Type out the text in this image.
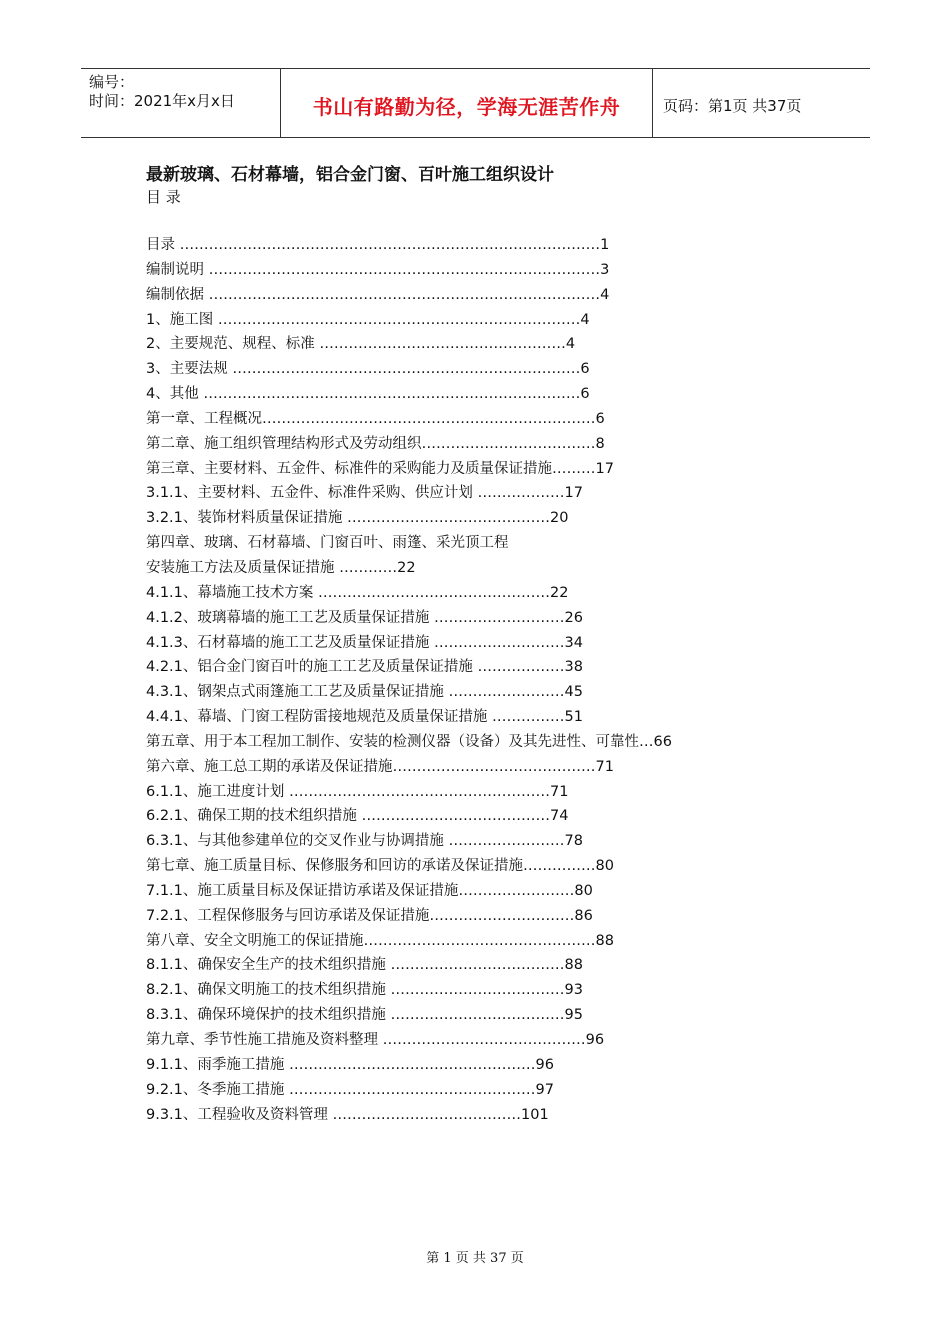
编号：
时间：2021年x月x日	书山有路勤为径，学海无涯苦作舟	页码：第1页 共37页
最新玻璃、石材幕墙，铝合金门窗、百叶施工组织设计
目 录
目录 ……………………………………………………………………………1
编制说明 ………………………………………………………………………3
编制依据 ………………………………………………………………………4
1、施工图 …………………………………………………………………4
2、主要规范、规程、标准 ……………………………………………4
3、主要法规 ………………………………………………………………6
4、其他 ……………………………………………………………………6
第一章、工程概况……………………………………………………………6
第二章、施工组织管理结构形式及劳动组织………………………………8
第三章、主要材料、五金件、标准件的采购能力及质量保证措施………17
3.1.1、主要材料、五金件、标准件采购、供应计划 ………………17
3.2.1、装饰材料质量保证措施 ……………………………………20
第四章、玻璃、石材幕墙、门窗百叶、雨篷、采光顶工程
安装施工方法及质量保证措施 …………22
4.1.1、幕墙施工技术方案 …………………………………………22
4.1.2、玻璃幕墙的施工工艺及质量保证措施 ………………………26
4.1.3、石材幕墙的施工工艺及质量保证措施 ………………………34
4.2.1、铝合金门窗百叶的施工工艺及质量保证措施 ………………38
4.3.1、钢架点式雨篷施工工艺及质量保证措施 ……………………45
4.4.1、幕墙、门窗工程防雷接地规范及质量保证措施 ……………51
第五章、用于本工程加工制作、安装的检测仪器（设备）及其先进性、可靠性…66
第六章、施工总工期的承诺及保证措施……………………………………71
6.1.1、施工进度计划 ………………………………………………71
6.2.1、确保工期的技术组织措施 …………………………………74
6.3.1、与其他参建单位的交叉作业与协调措施 ……………………78
第七章、施工质量目标、保修服务和回访的承诺及保证措施……………80
7.1.1、施工质量目标及保证措访承诺及保证措施……………………80
7.2.1、工程保修服务与回访承诺及保证措施…………………………86
第八章、安全文明施工的保证措施…………………………………………88
8.1.1、确保安全生产的技术组织措施 ………………………………88
8.2.1、确保文明施工的技术组织措施 ………………………………93
8.3.1、确保环境保护的技术组织措施 ………………………………95
第九章、季节性施工措施及资料整理 ……………………………………96
9.1.1、雨季施工措施 ……………………………………………96
9.2.1、冬季施工措施 ……………………………………………97
9.3.1、工程验收及资料管理 …………………………………101
第 1 页 共 37 页
